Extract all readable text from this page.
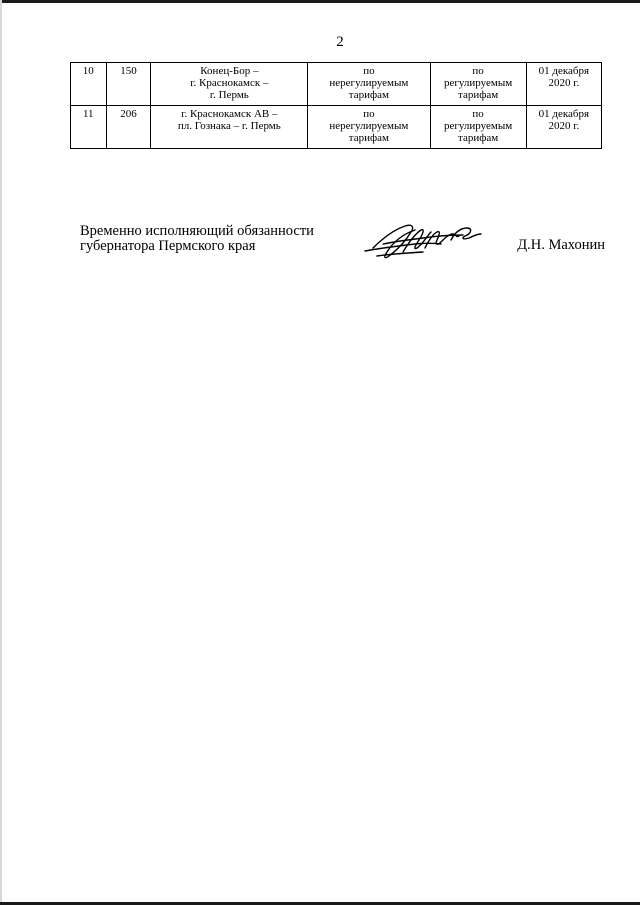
2
10	150	Конец-Бор –
г. Краснокамск –
г. Пермь	по
нерегулируемым
тарифам	по
регулируемым
тарифам	01 декабря
2020 г.

11	206	г. Краснокамск АВ –
пл. Гознака – г. Пермь	по
нерегулируемым
тарифам	по
регулируемым
тарифам	01 декабря
2020 г.
Временно исполняющий обязанности
губернатора Пермского края	Д.Н. Махонин
